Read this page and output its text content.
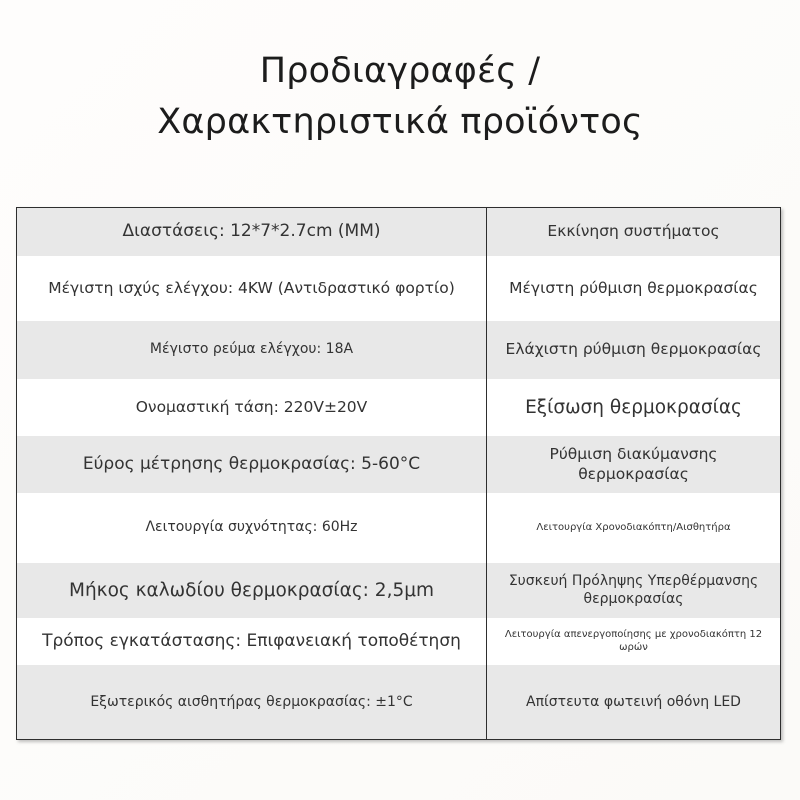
Προδιαγραφές /
Χαρακτηριστικά προϊόντος
Διαστάσεις: 12*7*2.7cm (MM)	Εκκίνηση συστήματος
Μέγιστη ισχύς ελέγχου: 4KW (Αντιδραστικό φορτίο)	Μέγιστη ρύθμιση θερμοκρασίας
Μέγιστο ρεύμα ελέγχου: 18A	Ελάχιστη ρύθμιση θερμοκρασίας
Ονομαστική τάση: 220V±20V	Εξίσωση θερμοκρασίας
Εύρος μέτρησης θερμοκρασίας: 5-60°C	Ρύθμιση διακύμανσης θερμοκρασίας
Λειτουργία συχνότητας: 60Hz	Λειτουργία Χρονοδιακόπτη/Αισθητήρα
Μήκος καλωδίου θερμοκρασίας: 2,5μm	Συσκευή Πρόληψης Υπερθέρμανσης θερμοκρασίας
Τρόπος εγκατάστασης: Επιφανειακή τοποθέτηση	Λειτουργία απενεργοποίησης με χρονοδιακόπτη 12 ωρών
Εξωτερικός αισθητήρας θερμοκρασίας: ±1°C	Απίστευτα φωτεινή οθόνη LED
